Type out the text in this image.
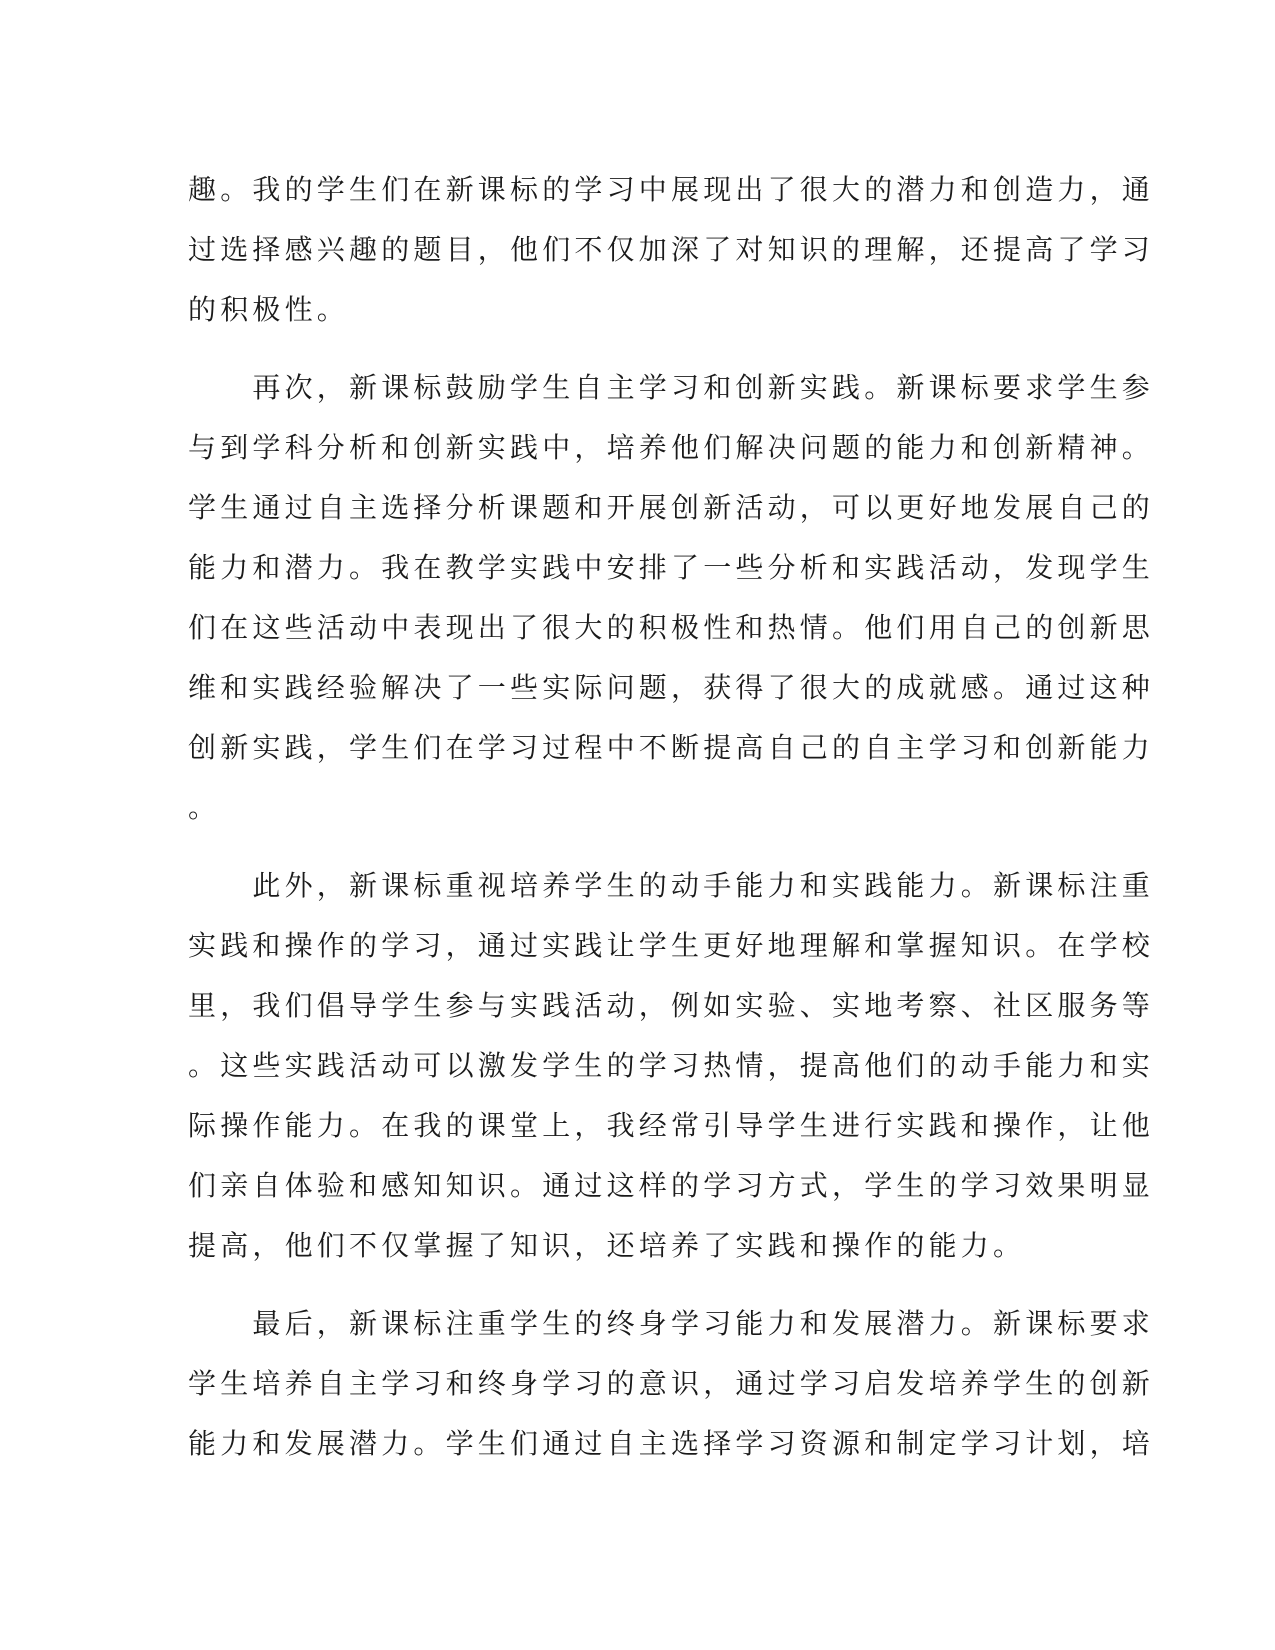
趣。我的学生们在新课标的学习中展现出了很大的潜力和创造力，通
过选择感兴趣的题目，他们不仅加深了对知识的理解，还提高了学习
的积极性。
　　再次，新课标鼓励学生自主学习和创新实践。新课标要求学生参
与到学科分析和创新实践中，培养他们解决问题的能力和创新精神。
学生通过自主选择分析课题和开展创新活动，可以更好地发展自己的
能力和潜力。我在教学实践中安排了一些分析和实践活动，发现学生
们在这些活动中表现出了很大的积极性和热情。他们用自己的创新思
维和实践经验解决了一些实际问题，获得了很大的成就感。通过这种
创新实践，学生们在学习过程中不断提高自己的自主学习和创新能力
。
　　此外，新课标重视培养学生的动手能力和实践能力。新课标注重
实践和操作的学习，通过实践让学生更好地理解和掌握知识。在学校
里，我们倡导学生参与实践活动，例如实验、实地考察、社区服务等
。这些实践活动可以激发学生的学习热情，提高他们的动手能力和实
际操作能力。在我的课堂上，我经常引导学生进行实践和操作，让他
们亲自体验和感知知识。通过这样的学习方式，学生的学习效果明显
提高，他们不仅掌握了知识，还培养了实践和操作的能力。
　　最后，新课标注重学生的终身学习能力和发展潜力。新课标要求
学生培养自主学习和终身学习的意识，通过学习启发培养学生的创新
能力和发展潜力。学生们通过自主选择学习资源和制定学习计划，培
